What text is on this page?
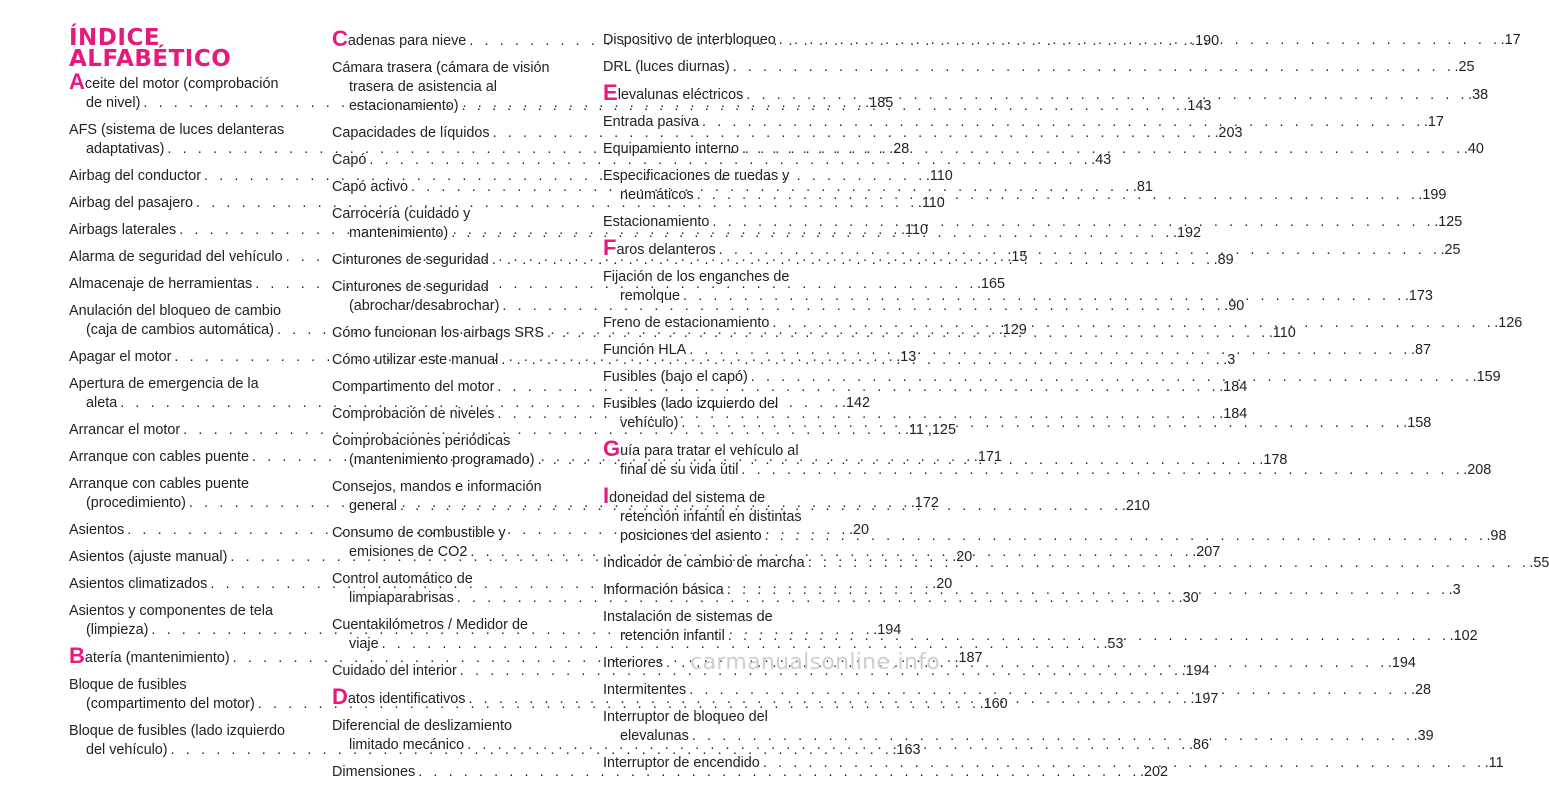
ÍNDICE
ALFABÉTICO
Aceite del motor (comprobación
de nivel) . . .	.185
AFS (sistema de luces delanteras
adaptativas) . . .	.28
Airbag del conductor . . .	.110
Airbag del pasajero . . .	.110
Airbags laterales . . .	.110
Alarma de seguridad del vehículo . . .	.15
Almacenaje de herramientas . . .	.165
Anulación del bloqueo de cambio
(caja de cambios automática) . . .	.129
Apagar el motor . . .	.13
Apertura de emergencia de la
aleta . . .	.142
Arrancar el motor . . .	.11 ,125
Arranque con cables puente . . .	.171
Arranque con cables puente
(procedimiento) . . .	.172
Asientos . . .	.20
Asientos (ajuste manual) . . .	.20
Asientos climatizados . . .	.20
Asientos y componentes de tela
(limpieza) . . .	.194
Batería (mantenimiento) . . .	.187
Bloque de fusibles
(compartimento del motor) . . .	.160
Bloque de fusibles (lado izquierdo
del vehículo) . . .	.163
Cadenas para nieve . . .	.190
Cámara trasera (cámara de visión
trasera de asistencia al
estacionamiento) . . .	.143
Capacidades de líquidos . . .	.203
Capó . . .	.43
Capó activo . . .	.81
Carrocería (cuidado y
mantenimiento) . . .	.192
Cinturones de seguridad . . .	.89
Cinturones de seguridad
(abrochar/desabrochar) . . .	.90
Cómo funcionan los airbags SRS . . .	.110
Cómo utilizar este manual . . .	.3
Compartimento del motor . . .	.184
Comprobación de niveles . . .	.184
Comprobaciones periódicas
(mantenimiento programado) . . .	.178
Consejos, mandos e información
general . . .	.210
Consumo de combustible y
emisiones de CO2 . . .	.207
Control automático de
limpiaparabrisas . . .	.30
Cuentakilómetros / Medidor de
viaje . . .	.53
Cuidado del interior . . .	.194
Datos identificativos . . .	.197
Diferencial de deslizamiento
limitado mecánico . . .	.86
Dimensiones . . .	.202
Dispositivo de interbloqueo . . .	.17
DRL (luces diurnas) . . .	.25
Elevalunas eléctricos . . .	.38
Entrada pasiva . . .	.17
Equipamiento interno . . .	.40
Especificaciones de ruedas y
neumáticos . . .	.199
Estacionamiento . . .	.125
Faros delanteros . . .	.25
Fijación de los enganches de
remolque . . .	.173
Freno de estacionamiento . . .	.126
Función HLA . . .	.87
Fusibles (bajo el capó) . . .	.159
Fusibles (lado izquierdo del
vehículo) . . .	.158
Guía para tratar el vehículo al
final de su vida útil . . .	.208
Idoneidad del sistema de
retención infantil en distintas
posiciones del asiento . . .	.98
Indicador de cambio de marcha . . .	.55
Información básica . . .	.3
Instalación de sistemas de
retención infantil . . .	.102
Interiores . . .	.194
Intermitentes . . .	.28
Interruptor de bloqueo del
elevalunas . . .	.39
Interruptor de encendido . . .	.11
carmanualsonline.info
